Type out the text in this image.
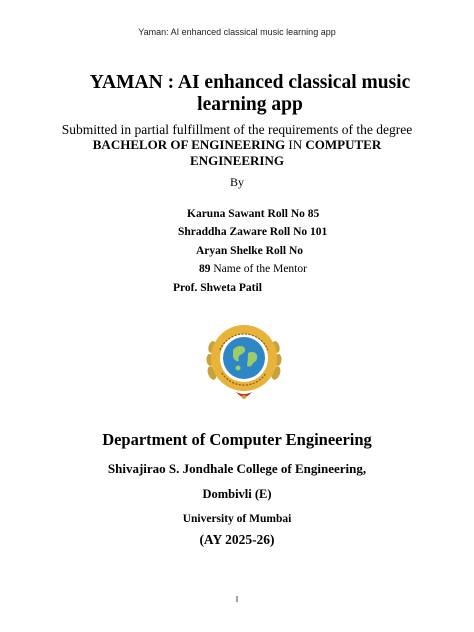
Yaman: AI enhanced classical music learning app
YAMAN : AI enhanced classical music learning app
Submitted in partial fulfillment of the requirements of the degree
BACHELOR OF ENGINEERING IN COMPUTER ENGINEERING
By
Karuna Sawant Roll No 85
Shraddha Zaware Roll No 101
Aryan Shelke Roll No
89 Name of the Mentor
Prof. Shweta Patil
Department of Computer Engineering
Shivajirao S. Jondhale College of Engineering,
Dombivli (E)
University of Mumbai
(AY 2025-26)
I
